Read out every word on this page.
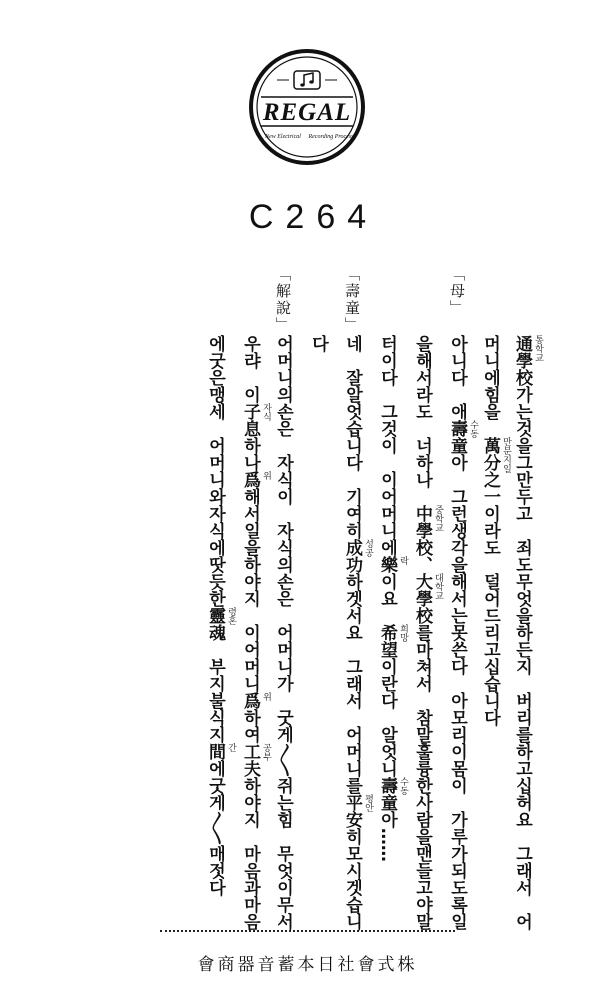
REGAL
New Electrical Recording Process
C264
通學校 통학교
가는것을그만두고 죄도무엇을하든지 버리를하고십허요 그래서 어
머니에힘을 萬分之一 만분지일
이라도 덜어드리고십습니다
아니다 애壽童 수동
아 그런생각을해서는못쓴다 아모리이몸이 가루가되도록일
「母」
을해서라도 너하나 中學校 중학교
、大學校 대학교
를마쳐서 참말훌륭한사람을맨들고야말
터이다 그것이 이어머니에樂 락
이요 希望 희망
이란다 알엇니壽童 수동
아……
네 잘알엇습니다 기여히成功 성공
하겟서요 그래서 어머니를平安 평안
히모시겟습니
「壽童」
다
어머니의손은 자식이 자식의손은 어머니가 굿게〱쥐는힘 무엇이무서
「解說」
우랴 이子息 자식
하나爲 위
해서일을하야지 이어머니爲 위
하여工夫 공부
하야지 마음과마음
에굿은맹세 어머니와자식에땃듯한靈魂 령혼
부지불식지間 간
에굿게〱매젓다
會商器音蓄本日社會式株
